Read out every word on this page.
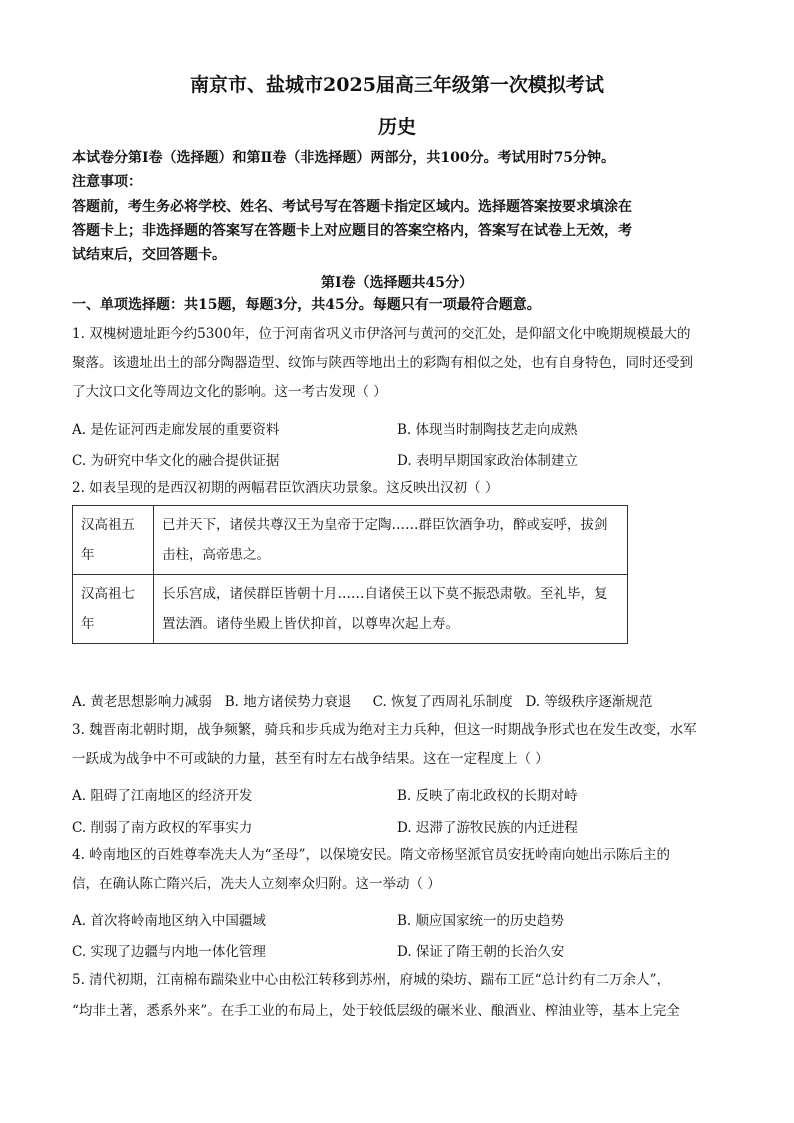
南京市、盐城市2025届高三年级第一次模拟考试
历史
本试卷分第Ⅰ卷（选择题）和第Ⅱ卷（非选择题）两部分，共100分。考试用时75分钟。
注意事项：
答题前，考生务必将学校、姓名、考试号写在答题卡指定区域内。选择题答案按要求填涂在
答题卡上；非选择题的答案写在答题卡上对应题目的答案空格内，答案写在试卷上无效，考
试结束后，交回答题卡。
第Ⅰ卷（选择题共45分）
一、单项选择题：共15题，每题3分，共45分。每题只有一项最符合题意。
1. 双槐树遗址距今约5300年，位于河南省巩义市伊洛河与黄河的交汇处，是仰韶文化中晚期规模最大的
聚落。该遗址出土的部分陶器造型、纹饰与陕西等地出土的彩陶有相似之处，也有自身特色，同时还受到
了大汶口文化等周边文化的影响。这一考古发现（ ）
A. 是佐证河西走廊发展的重要资料	B. 体现当时制陶技艺走向成熟
C. 为研究中华文化的融合提供证据	D. 表明早期国家政治体制建立
2. 如表呈现的是西汉初期的两幅君臣饮酒庆功景象。这反映出汉初（ ）
汉高祖五年	已并天下，诸侯共尊汉王为皇帝于定陶……群臣饮酒争功，醉或妄呼，拔剑击柱，高帝患之。
汉高祖七年	长乐宫成，诸侯群臣皆朝十月……自诸侯王以下莫不振恐肃敬。至礼毕，复置法酒。诸侍坐殿上皆伏抑首，以尊卑次起上寿。
A. 黄老思想影响力减弱   B. 地方诸侯势力衰退     C. 恢复了西周礼乐制度   D. 等级秩序逐渐规范
3. 魏晋南北朝时期，战争频繁，骑兵和步兵成为绝对主力兵种，但这一时期战争形式也在发生改变，水军
一跃成为战争中不可或缺的力量，甚至有时左右战争结果。这在一定程度上（ ）
A. 阻碍了江南地区的经济开发	B. 反映了南北政权的长期对峙
C. 削弱了南方政权的军事实力	D. 迟滞了游牧民族的内迁进程
4. 岭南地区的百姓尊奉冼夫人为“圣母”，以保境安民。隋文帝杨坚派官员安抚岭南向她出示陈后主的
信，在确认陈亡隋兴后，冼夫人立刻率众归附。这一举动（ ）
A. 首次将岭南地区纳入中国疆域	B. 顺应国家统一的历史趋势
C. 实现了边疆与内地一体化管理	D. 保证了隋王朝的长治久安
5. 清代初期，江南棉布踹染业中心由松江转移到苏州，府城的染坊、踹布工匠“总计约有二万余人”，
“均非土著，悉系外来”。在手工业的布局上，处于较低层级的碾米业、酿酒业、榨油业等，基本上完全
